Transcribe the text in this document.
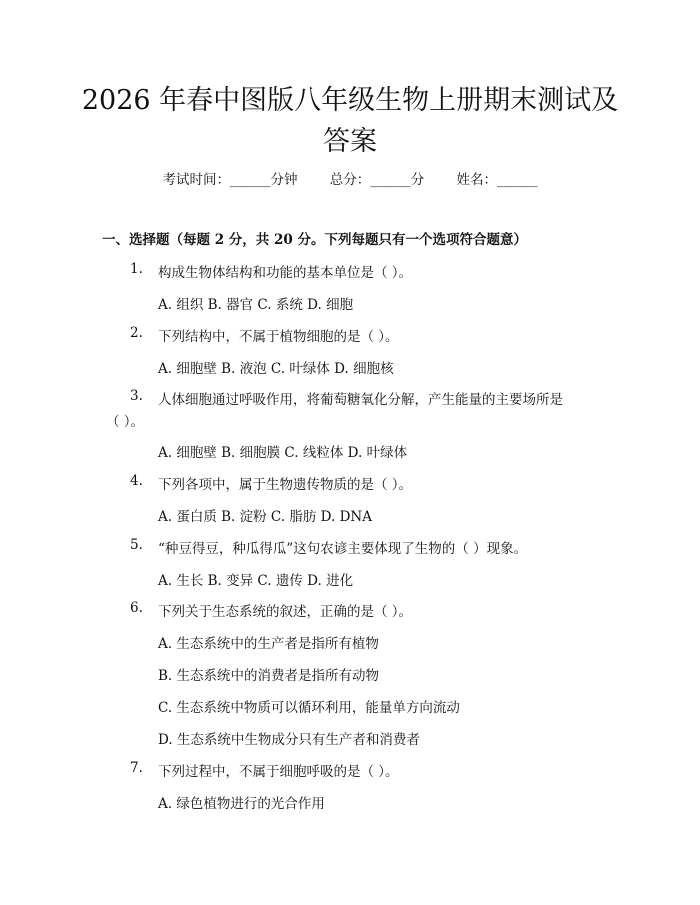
2026 年春中图版八年级生物上册期末测试及
答案
考试时间：______分钟 总分：______分 姓名：______
一、选择题（每题 2 分，共 20 分。下列每题只有一个选项符合题意）
1. 构成生物体结构和功能的基本单位是（ ）。
A. 组织 B. 器官 C. 系统 D. 细胞
2. 下列结构中，不属于植物细胞的是（ ）。
A. 细胞壁 B. 液泡 C. 叶绿体 D. 细胞核
3. 人体细胞通过呼吸作用，将葡萄糖氧化分解，产生能量的主要场所是
（ ）。
A. 细胞壁 B. 细胞膜 C. 线粒体 D. 叶绿体
4. 下列各项中，属于生物遗传物质的是（ ）。
A. 蛋白质 B. 淀粉 C. 脂肪 D. DNA
5. “种豆得豆，种瓜得瓜”这句农谚主要体现了生物的（ ）现象。
A. 生长 B. 变异 C. 遗传 D. 进化
6. 下列关于生态系统的叙述，正确的是（ ）。
A. 生态系统中的生产者是指所有植物
B. 生态系统中的消费者是指所有动物
C. 生态系统中物质可以循环利用，能量单方向流动
D. 生态系统中生物成分只有生产者和消费者
7. 下列过程中，不属于细胞呼吸的是（ ）。
A. 绿色植物进行的光合作用
